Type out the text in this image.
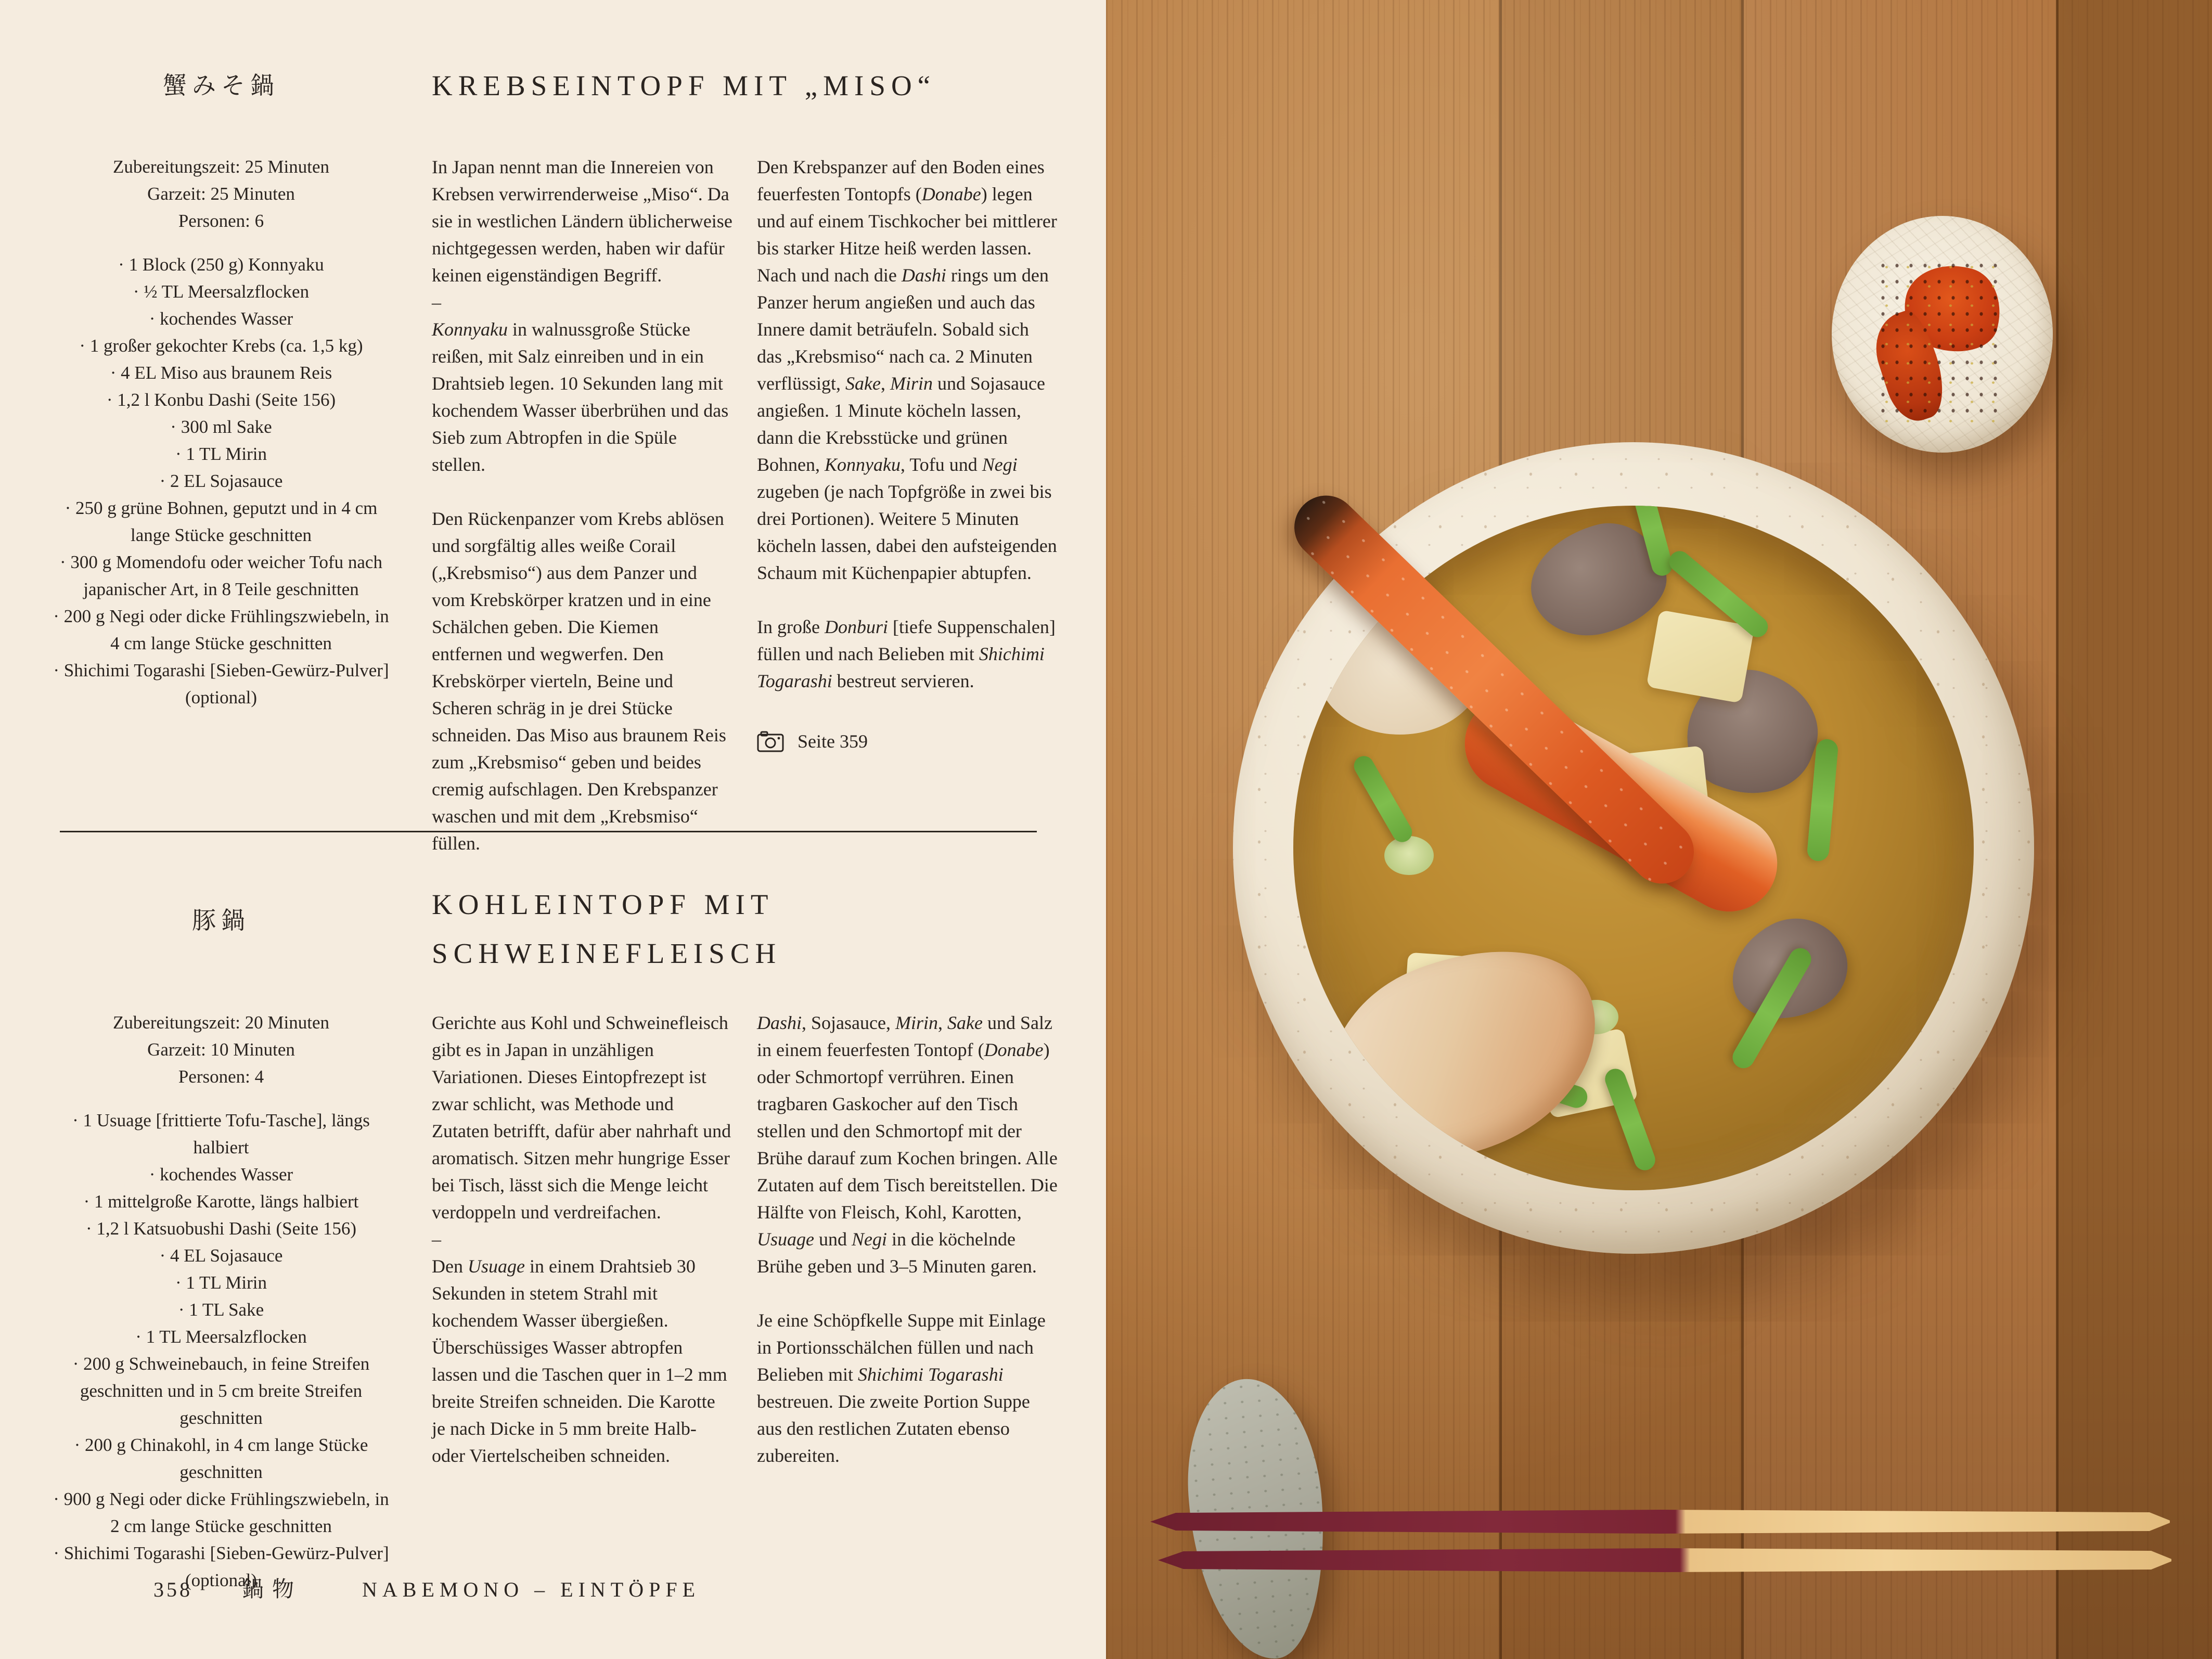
蟹みそ鍋	KREBSEINTOPF MIT „MISO“
Zubereitungszeit: 25 Minuten
Garzeit: 25 Minuten
Personen: 6
· 1 Block (250 g) Konnyaku
· ½ TL Meersalzflocken
· kochendes Wasser
· 1 großer gekochter Krebs (ca. 1,5 kg)
· 4 EL Miso aus braunem Reis
· 1,2 l Konbu Dashi (Seite 156)
· 300 ml Sake
· 1 TL Mirin
· 2 EL Sojasauce
· 250 g grüne Bohnen, geputzt und in 4 cm lange Stücke geschnitten
· 300 g Momendofu oder weicher Tofu nach japanischer Art, in 8 Teile geschnitten
· 200 g Negi oder dicke Frühlingszwiebeln, in 4 cm lange Stücke geschnitten
· Shichimi Togarashi [Sieben-Gewürz-Pulver] (optional)

In Japan nennt man die Innereien von Krebsen verwirrenderweise „Miso“. Da sie in westlichen Ländern üblicherweise nichtgegessen werden, haben wir dafür keinen eigenständigen Begriff.

–

Konnyaku in walnussgroße Stücke reißen, mit Salz einreiben und in ein Drahtsieb legen. 10 Sekunden lang mit kochendem Wasser überbrühen und das Sieb zum Abtropfen in die Spüle stellen.

Den Rückenpanzer vom Krebs ablösen und sorgfältig alles weiße Corail („Krebsmiso“) aus dem Panzer und vom Krebskörper kratzen und in eine Schälchen geben. Die Kiemen entfernen und wegwerfen. Den Krebskörper vierteln, Beine und Scheren schräg in je drei Stücke schneiden. Das Miso aus braunem Reis zum „Krebsmiso“ geben und beides cremig aufschlagen. Den Krebspanzer waschen und mit dem „Krebsmiso“ füllen.

Den Krebspanzer auf den Boden eines feuerfesten Tontopfs (Donabe) legen und auf einem Tischkocher bei mittlerer bis starker Hitze heiß werden lassen. Nach und nach die Dashi rings um den Panzer herum angießen und auch das Innere damit beträufeln. Sobald sich das „Krebsmiso“ nach ca. 2 Minuten verflüssigt, Sake, Mirin und Sojasauce angießen. 1 Minute köcheln lassen, dann die Krebsstücke und grünen Bohnen, Konnyaku, Tofu und Negi zugeben (je nach Topfgröße in zwei bis drei Portionen). Weitere 5 Minuten köcheln lassen, dabei den aufsteigenden Schaum mit Küchenpapier abtupfen.

In große Donburi [tiefe Suppenschalen] füllen und nach Belieben mit Shichimi Togarashi bestreut servieren.

Seite 359
豚鍋
KOHLEINTOPF MIT
SCHWEINEFLEISCH
Zubereitungszeit: 20 Minuten
Garzeit: 10 Minuten
Personen: 4
· 1 Usuage [frittierte Tofu-Tasche], längs halbiert
· kochendes Wasser
· 1 mittelgroße Karotte, längs halbiert
· 1,2 l Katsuobushi Dashi (Seite 156)
· 4 EL Sojasauce
· 1 TL Mirin
· 1 TL Sake
· 1 TL Meersalzflocken
· 200 g Schweinebauch, in feine Streifen geschnitten und in 5 cm breite Streifen geschnitten
· 200 g Chinakohl, in 4 cm lange Stücke geschnitten
· 900 g Negi oder dicke Frühlingszwiebeln, in 2 cm lange Stücke geschnitten
· Shichimi Togarashi [Sieben-Gewürz-Pulver] (optional)

Gerichte aus Kohl und Schweinefleisch gibt es in Japan in unzähligen Variationen. Dieses Eintopfrezept ist zwar schlicht, was Methode und Zutaten betrifft, dafür aber nahrhaft und aromatisch. Sitzen mehr hungrige Esser bei Tisch, lässt sich die Menge leicht verdoppeln und verdreifachen.

–

Den Usuage in einem Drahtsieb 30 Sekunden in stetem Strahl mit kochendem Wasser übergießen. Überschüssiges Wasser abtropfen lassen und die Taschen quer in 1–2 mm breite Streifen schneiden. Die Karotte je nach Dicke in 5 mm breite Halb- oder Viertelscheiben schneiden.

Dashi, Sojasauce, Mirin, Sake und Salz in einem feuerfesten Tontopf (Donabe) oder Schmortopf verrühren. Einen tragbaren Gaskocher auf den Tisch stellen und den Schmortopf mit der Brühe darauf zum Kochen bringen. Alle Zutaten auf dem Tisch bereitstellen. Die Hälfte von Fleisch, Kohl, Karotten, Usuage und Negi in die köchelnde Brühe geben und 3–5 Minuten garen.

Je eine Schöpfkelle Suppe mit Einlage in Portionsschälchen füllen und nach Belieben mit Shichimi Togarashi bestreuen. Die zweite Portion Suppe aus den restlichen Zutaten ebenso zubereiten.

358 鍋物	NABEMONO – EINTÖPFE
